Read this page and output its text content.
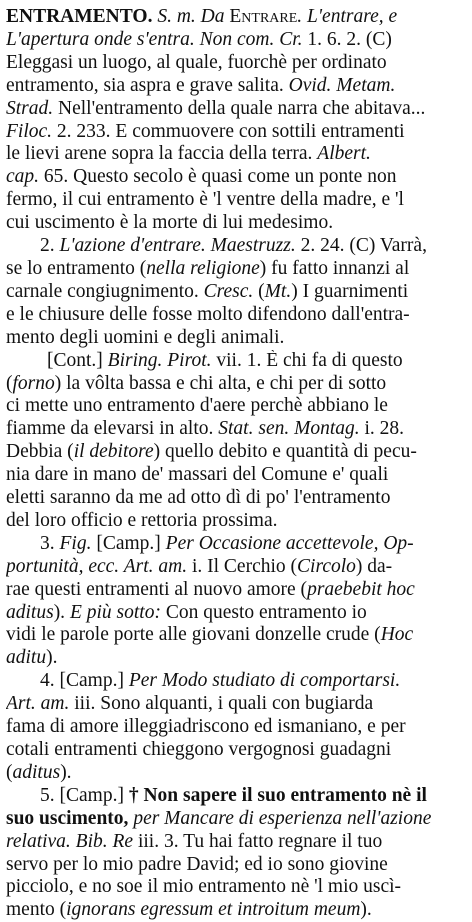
ENTRAMENTO. S. m. Da Entrare. L'entrare, e
L'apertura onde s'entra. Non com. Cr. 1. 6. 2. (C)
Eleggasi un luogo, al quale, fuorchè per ordinato
entramento, sia aspra e grave salita. Ovid. Metam.
Strad. Nell'entramento della quale narra che abitava...
Filoc. 2. 233. E commuovere con sottili entramenti
le lievi arene sopra la faccia della terra. Albert.
cap. 65. Questo secolo è quasi come un ponte non
fermo, il cui entramento è 'l ventre della madre, e 'l
cui uscimento è la morte di lui medesimo.
2. L'azione d'entrare. Maestruzz. 2. 24. (C) Varrà,
se lo entramento (nella religione) fu fatto innanzi al
carnale congiugnimento. Cresc. (Mt.) I guarnimenti
e le chiusure delle fosse molto difendono dall'entra-
mento degli uomini e degli animali.
[Cont.] Biring. Pirot. vii. 1. È chi fa di questo
(forno) la vôlta bassa e chi alta, e chi per di sotto
ci mette uno entramento d'aere perchè abbiano le
fiamme da elevarsi in alto. Stat. sen. Montag. i. 28.
Debbia (il debitore) quello debito e quantità di pecu-
nia dare in mano de' massari del Comune e' quali
eletti saranno da me ad otto dì di po' l'entramento
del loro officio e rettoria prossima.
3. Fig. [Camp.] Per Occasione accettevole, Op-
portunità, ecc. Art. am. i. Il Cerchio (Circolo) da-
rae questi entramenti al nuovo amore (praebebit hoc
aditus). E più sotto: Con questo entramento io
vidi le parole porte alle giovani donzelle crude (Hoc
aditu).
4. [Camp.] Per Modo studiato di comportarsi.
Art. am. iii. Sono alquanti, i quali con bugiarda
fama di amore illeggiadriscono ed ismaniano, e per
cotali entramenti chieggono vergognosi guadagni
(aditus).
5. [Camp.] † Non sapere il suo entramento nè il
suo uscimento, per Mancare di esperienza nell'azione
relativa. Bib. Re iii. 3. Tu hai fatto regnare il tuo
servo per lo mio padre David; ed io sono giovine
picciolo, e no soe il mio entramento nè 'l mio uscì-
mento (ignorans egressum et introitum meum).
